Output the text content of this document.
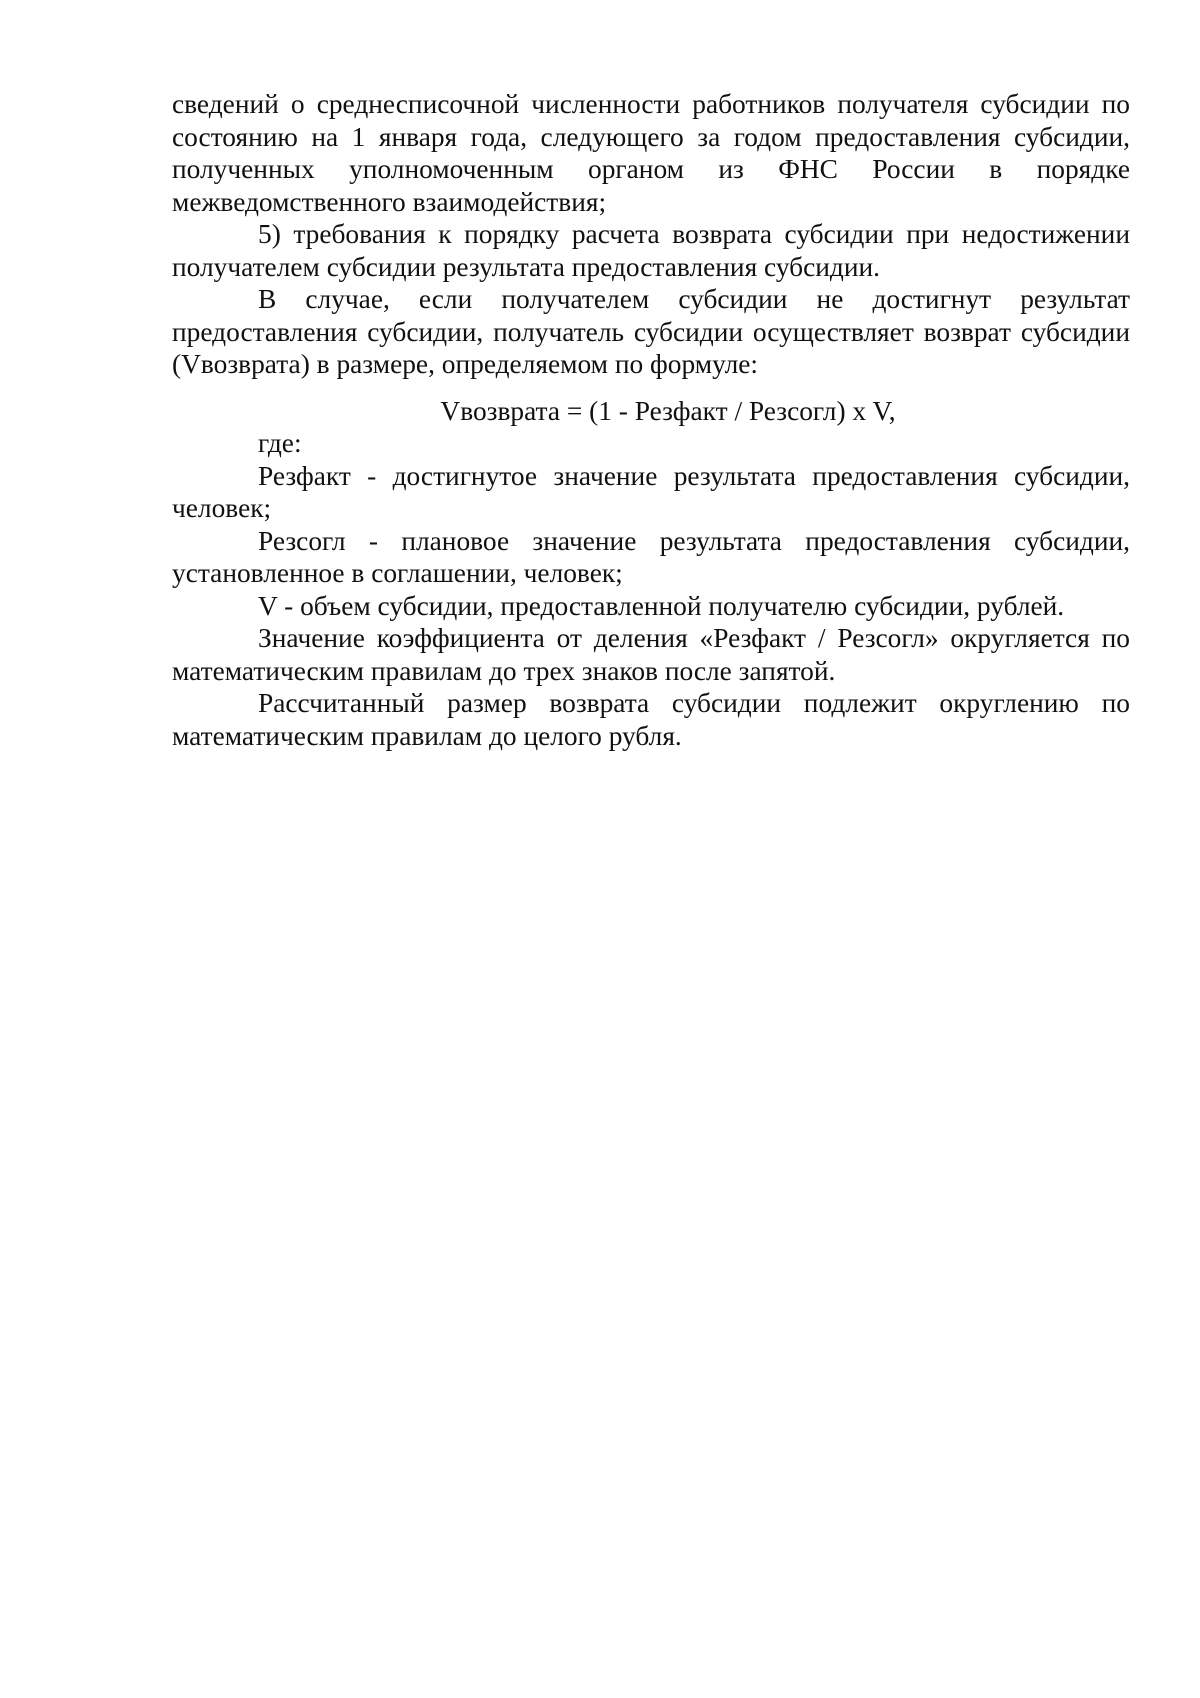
сведений о среднесписочной численности работников получателя субсидии по состоянию на 1 января года, следующего за годом предоставления субсидии, полученных уполномоченным органом из ФНС России в порядке межведомственного взаимодействия;

5) требования к порядку расчета возврата субсидии при недостижении получателем субсидии результата предоставления субсидии.

В случае, если получателем субсидии не достигнут результат предоставления субсидии, получатель субсидии осуществляет возврат субсидии (Vвозврата) в размере, определяемом по формуле:

Vвозврата = (1 - Резфакт / Резсогл) x V,

где:

Резфакт - достигнутое значение результата предоставления субсидии, человек;

Резсогл - плановое значение результата предоставления субсидии, установленное в соглашении, человек;

V - объем субсидии, предоставленной получателю субсидии, рублей.

Значение коэффициента от деления «Резфакт / Резсогл» округляется по математическим правилам до трех знаков после запятой.

Рассчитанный размер возврата субсидии подлежит округлению по математическим правилам до целого рубля.
